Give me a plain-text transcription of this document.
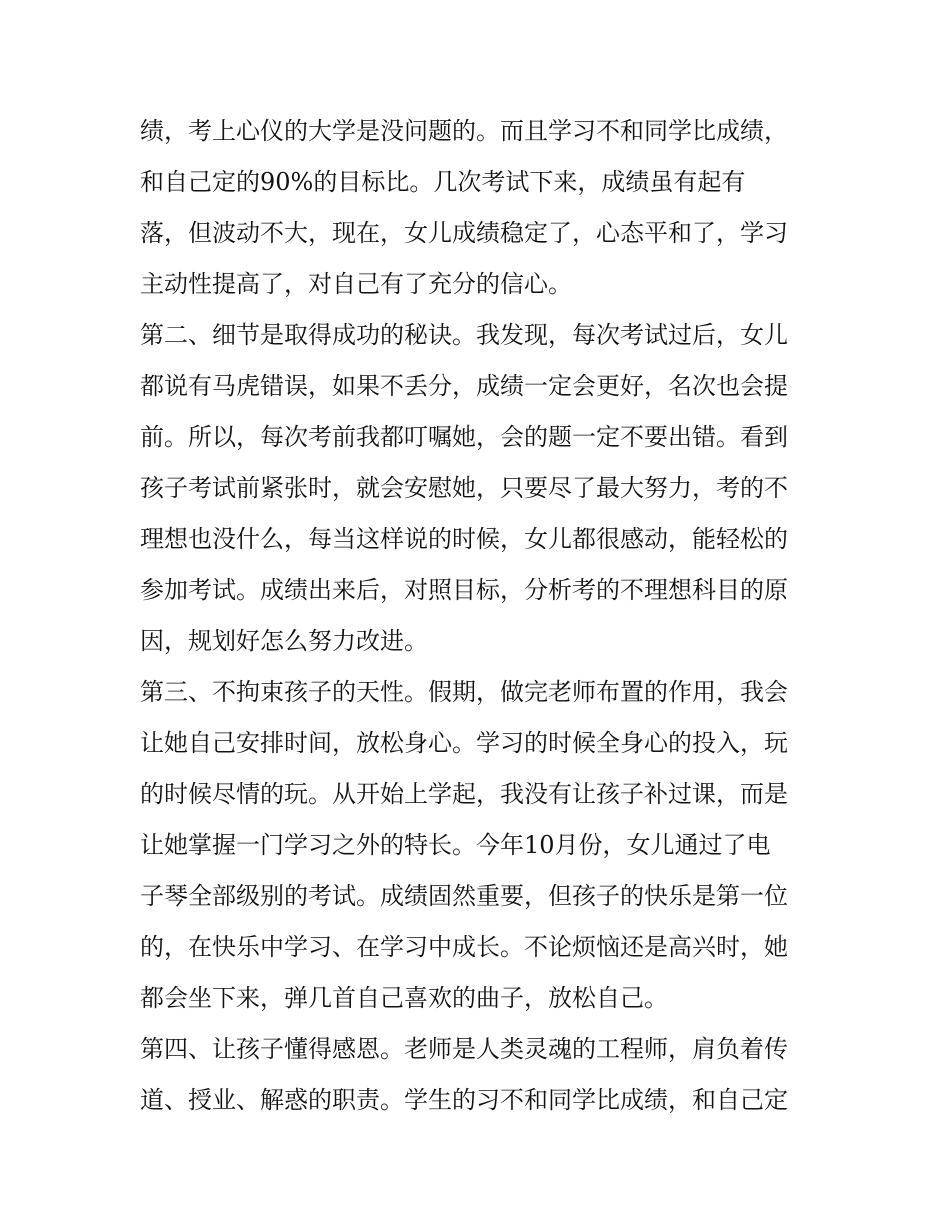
绩，考上心仪的大学是没问题的。而且学习不和同学比成绩，

和自己定的90%的目标比。几次考试下来，成绩虽有起有

落，但波动不大，现在，女儿成绩稳定了，心态平和了，学习

主动性提高了，对自己有了充分的信心。

第二、细节是取得成功的秘诀。我发现，每次考试过后，女儿

都说有马虎错误，如果不丢分，成绩一定会更好，名次也会提

前。所以，每次考前我都叮嘱她，会的题一定不要出错。看到

孩子考试前紧张时，就会安慰她，只要尽了最大努力，考的不

理想也没什么，每当这样说的时候，女儿都很感动，能轻松的

参加考试。成绩出来后，对照目标，分析考的不理想科目的原

因，规划好怎么努力改进。

第三、不拘束孩子的天性。假期，做完老师布置的作用，我会

让她自己安排时间，放松身心。学习的时候全身心的投入，玩

的时候尽情的玩。从开始上学起，我没有让孩子补过课，而是

让她掌握一门学习之外的特长。今年10月份，女儿通过了电

子琴全部级别的考试。成绩固然重要，但孩子的快乐是第一位

的，在快乐中学习、在学习中成长。不论烦恼还是高兴时，她

都会坐下来，弹几首自己喜欢的曲子，放松自己。

第四、让孩子懂得感恩。老师是人类灵魂的工程师，肩负着传

道、授业、解惑的职责。学生的习不和同学比成绩，和自己定
